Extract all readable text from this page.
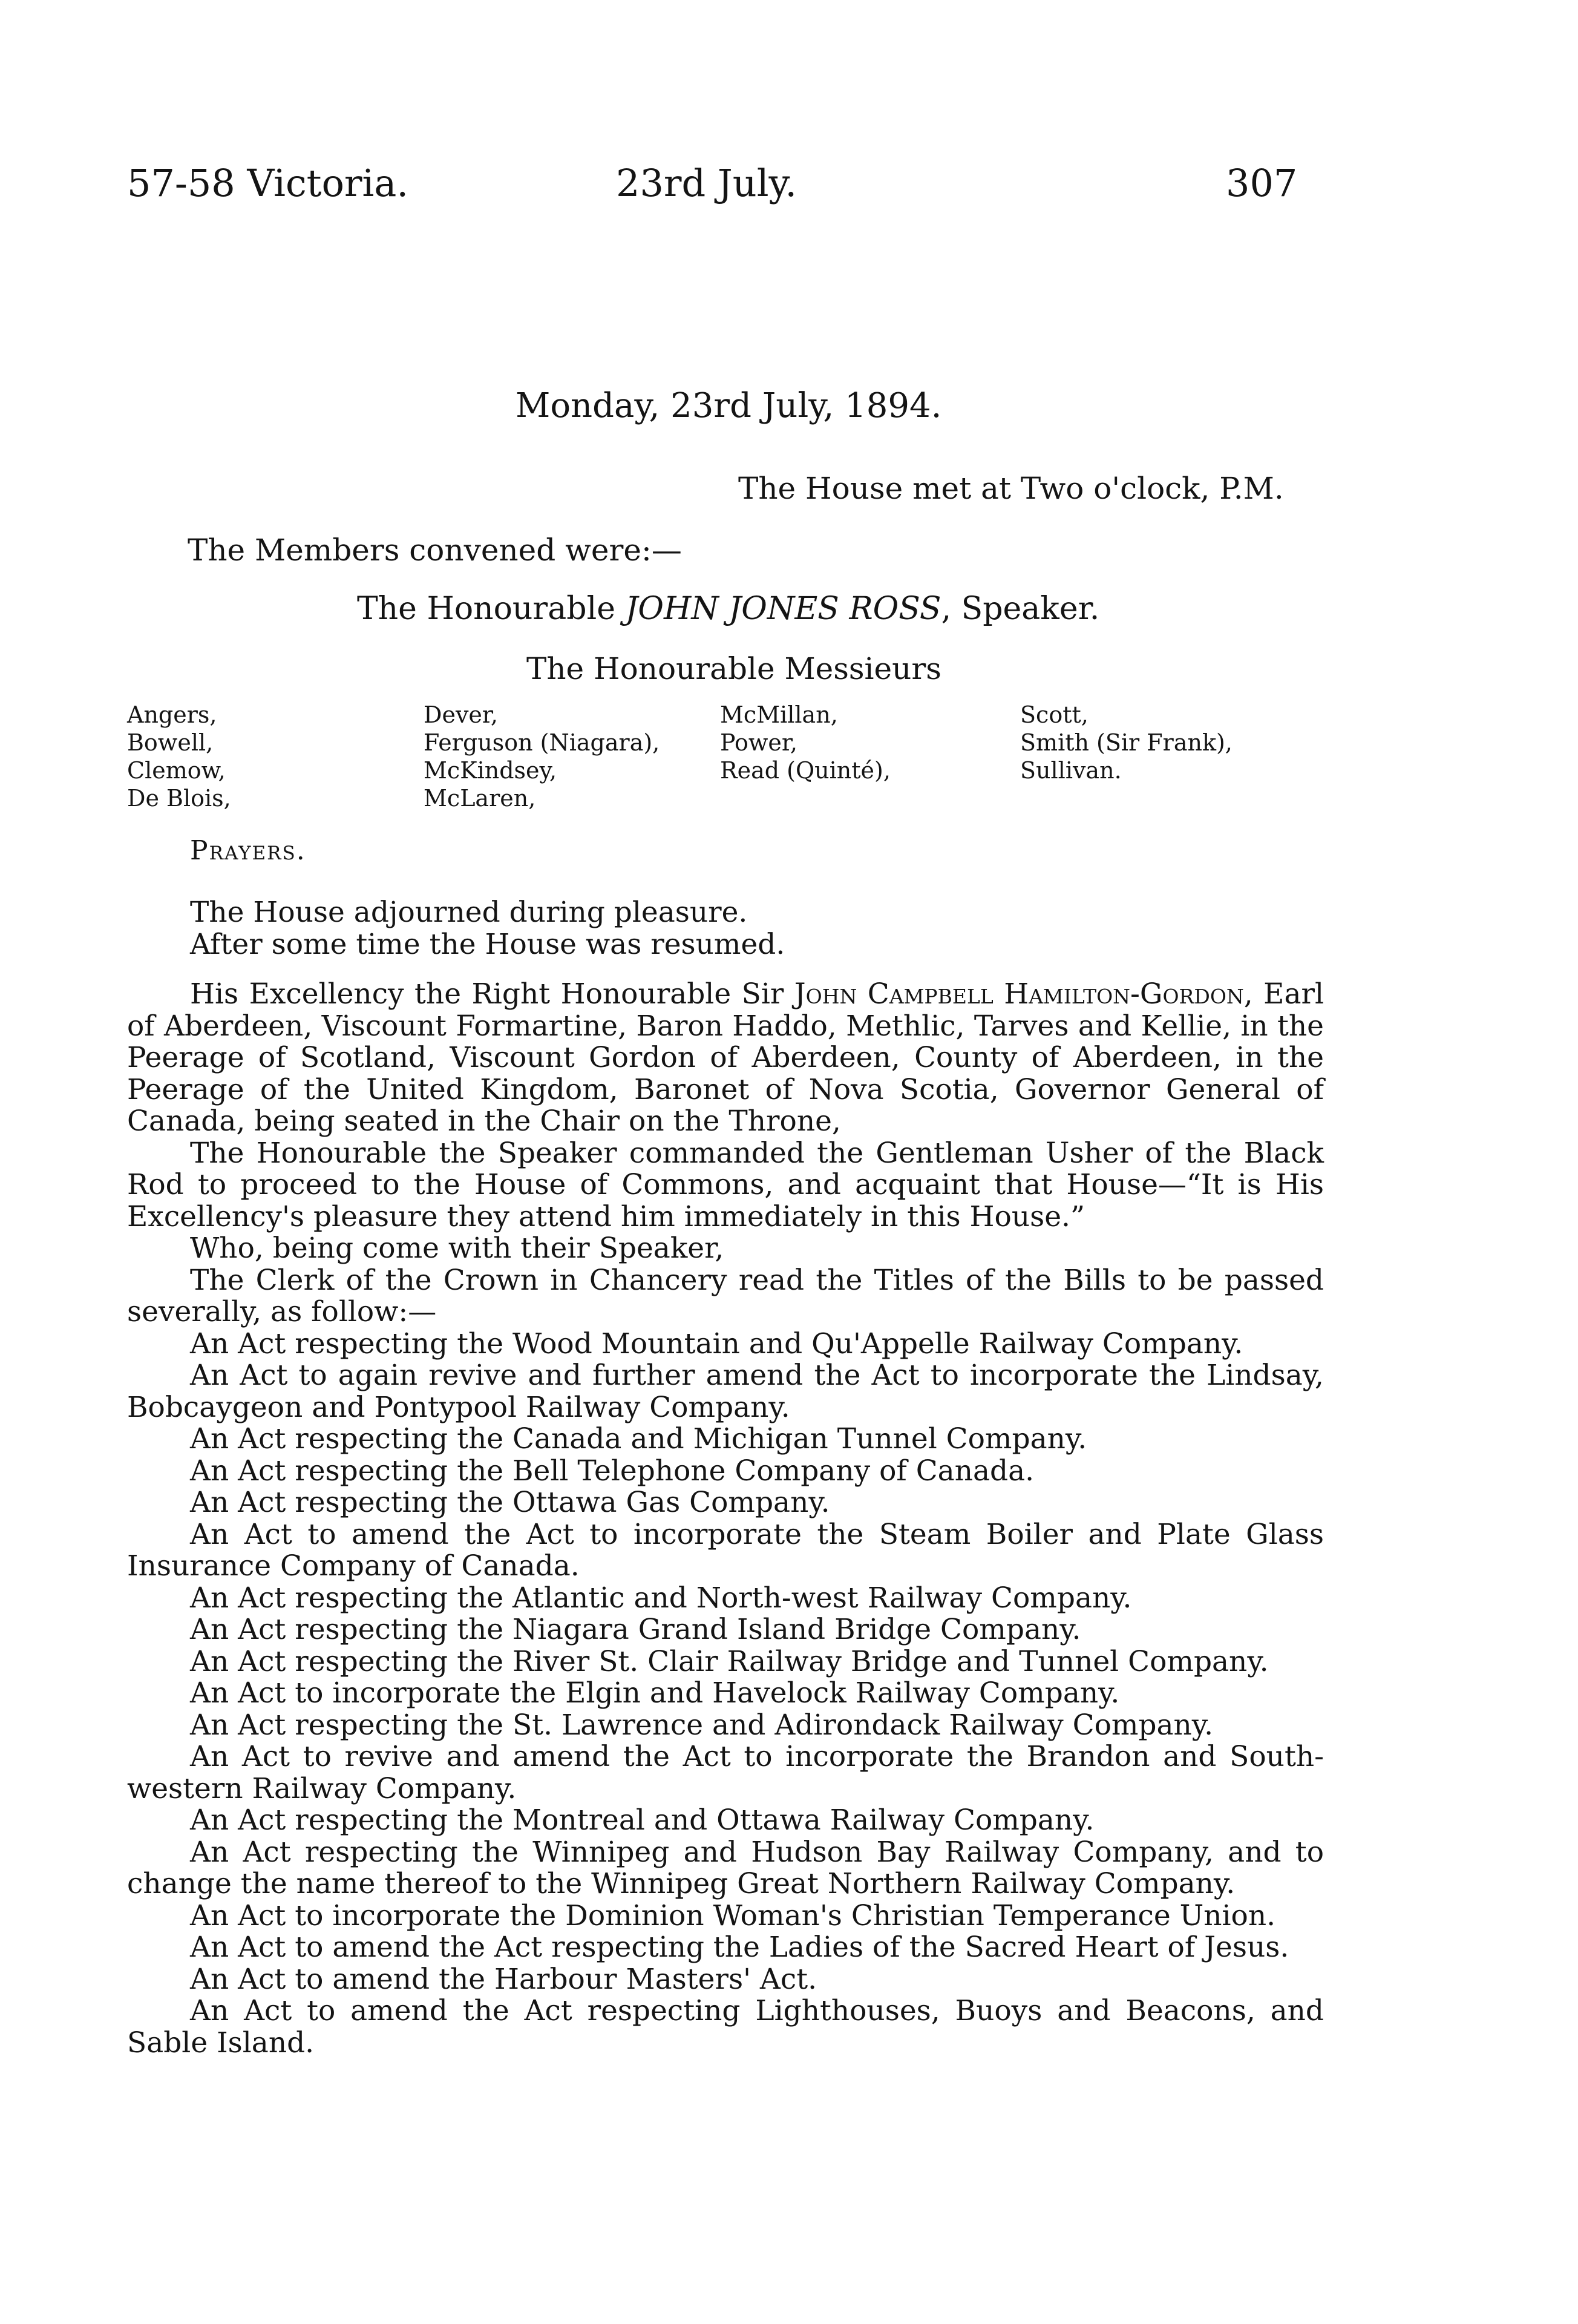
57-58 Victoria.	23rd July.	307
Monday, 23rd July, 1894.
The House met at Two o'clock, P.M.
The Members convened were:—
The Honourable JOHN JONES ROSS, Speaker.
The Honourable Messieurs
Angers,
Bowell,
Clemow,
De Blois,
Dever,
Ferguson (Niagara),
McKindsey,
McLaren,
McMillan,
Power,
Read (Quinté),
Scott,
Smith (Sir Frank),
Sullivan.
Prayers.

The House adjourned during pleasure.

After some time the House was resumed.

His Excellency the Right Honourable Sir John Campbell Hamilton-Gordon, Earl of Aberdeen, Viscount Formartine, Baron Haddo, Methlic, Tarves and Kellie, in the Peerage of Scotland, Viscount Gordon of Aberdeen, County of Aberdeen, in the Peerage of the United Kingdom, Baronet of Nova Scotia, Governor General of Canada, being seated in the Chair on the Throne,

The Honourable the Speaker commanded the Gentleman Usher of the Black Rod to proceed to the House of Commons, and acquaint that House—“It is His Excellency's pleasure they attend him immediately in this House.”

Who, being come with their Speaker,

The Clerk of the Crown in Chancery read the Titles of the Bills to be passed severally, as follow:—

An Act respecting the Wood Mountain and Qu'Appelle Railway Company.

An Act to again revive and further amend the Act to incorporate the Lindsay, Bobcaygeon and Pontypool Railway Company.

An Act respecting the Canada and Michigan Tunnel Company.

An Act respecting the Bell Telephone Company of Canada.

An Act respecting the Ottawa Gas Company.

An Act to amend the Act to incorporate the Steam Boiler and Plate Glass Insurance Company of Canada.

An Act respecting the Atlantic and North-west Railway Company.

An Act respecting the Niagara Grand Island Bridge Company.

An Act respecting the River St. Clair Railway Bridge and Tunnel Company.

An Act to incorporate the Elgin and Havelock Railway Company.

An Act respecting the St. Lawrence and Adirondack Railway Company.

An Act to revive and amend the Act to incorporate the Brandon and South-western Railway Company.

An Act respecting the Montreal and Ottawa Railway Company.

An Act respecting the Winnipeg and Hudson Bay Railway Company, and to change the name thereof to the Winnipeg Great Northern Railway Company.

An Act to incorporate the Dominion Woman's Christian Temperance Union.

An Act to amend the Act respecting the Ladies of the Sacred Heart of Jesus.

An Act to amend the Harbour Masters' Act.

An Act to amend the Act respecting Lighthouses, Buoys and Beacons, and Sable Island.
